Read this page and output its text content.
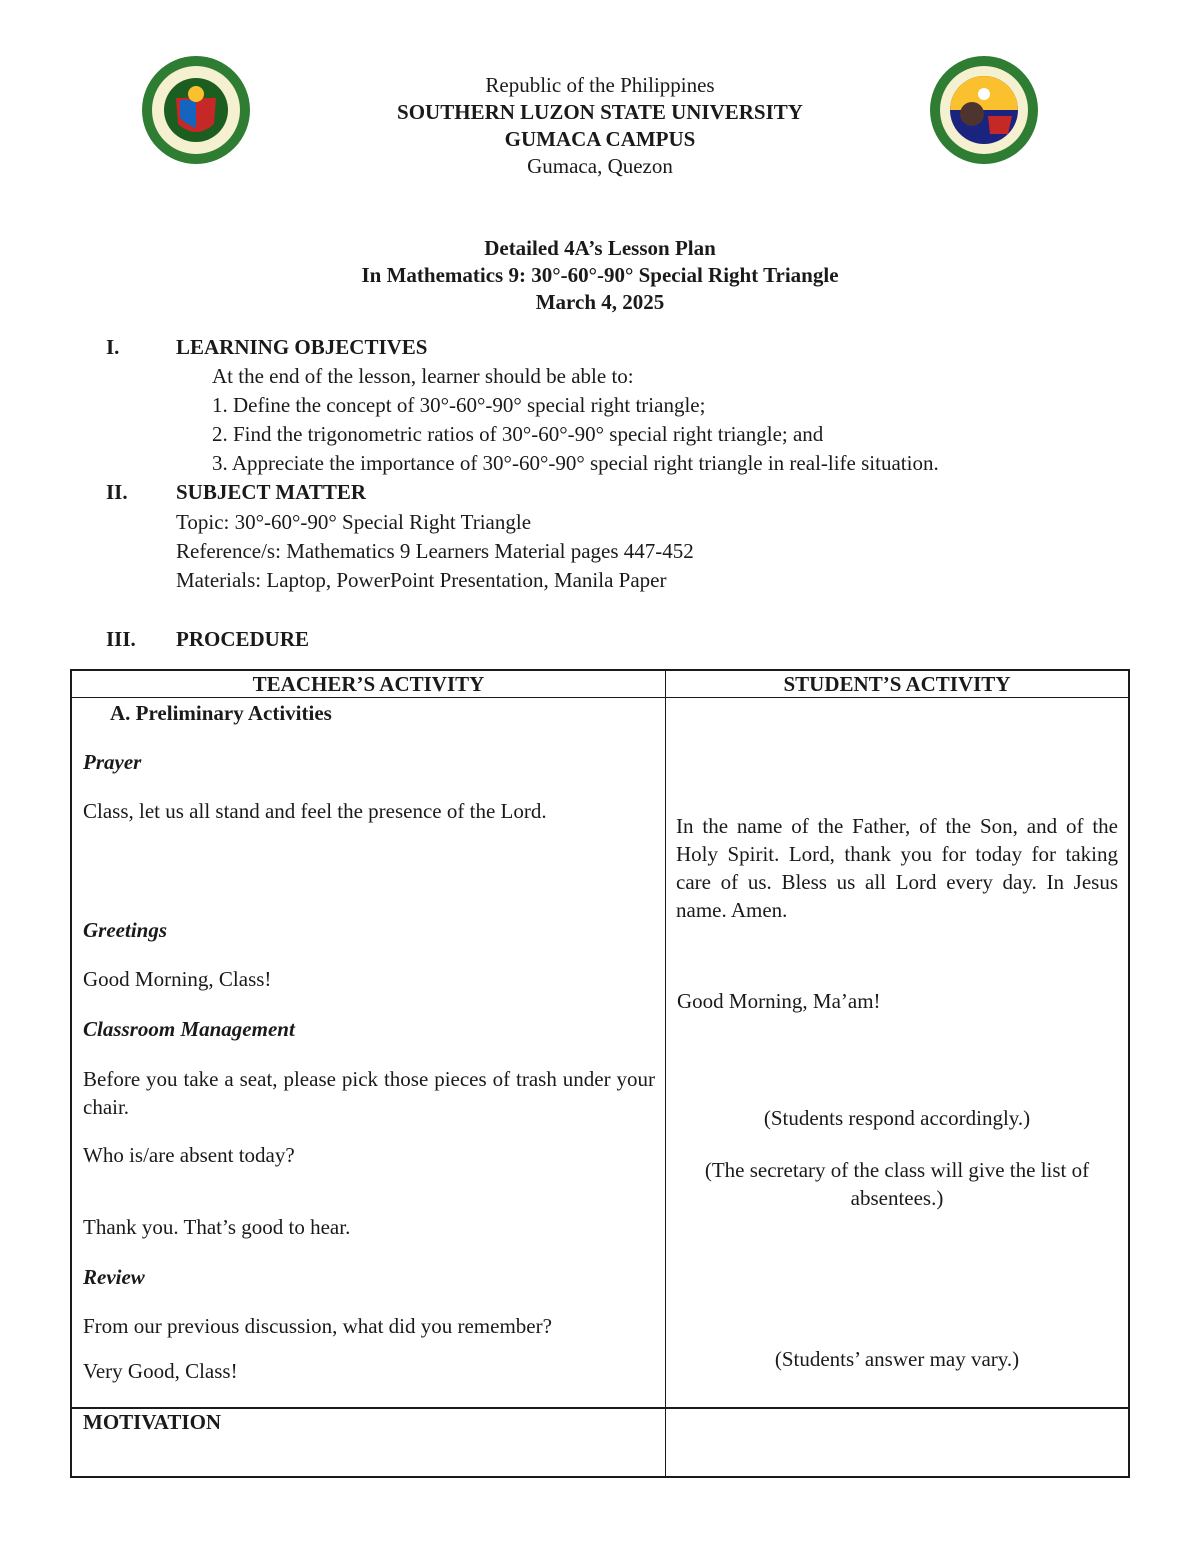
Republic of the Philippines
SOUTHERN LUZON STATE UNIVERSITY
GUMACA CAMPUS
Gumaca, Quezon
Detailed 4A’s Lesson Plan
In Mathematics 9: 30°-60°-90° Special Right Triangle
March 4, 2025
I.	LEARNING OBJECTIVES
At the end of the lesson, learner should be able to:
1. Define the concept of 30°-60°-90° special right triangle;
2. Find the trigonometric ratios of 30°-60°-90° special right triangle; and
3. Appreciate the importance of 30°-60°-90° special right triangle in real-life situation.
II. SUBJECT MATTER
Topic: 30°-60°-90° Special Right Triangle
Reference/s: Mathematics 9 Learners Material pages 447-452
Materials: Laptop, PowerPoint Presentation, Manila Paper
III. PROCEDURE
TEACHER’S ACTIVITY	STUDENT’S ACTIVITY
A. Preliminary Activities
Prayer
Class, let us all stand and feel the presence of the Lord.
Greetings
Good Morning, Class!
Classroom Management
Before you take a seat, please pick those pieces of trash under your chair.
Who is/are absent today?
Thank you. That’s good to hear.
Review
From our previous discussion, what did you remember?
Very Good, Class!
MOTIVATION
In the name of the Father, of the Son, and of the Holy Spirit. Lord, thank you for today for taking care of us. Bless us all Lord every day. In Jesus name. Amen.
Good Morning, Ma’am!
(Students respond accordingly.)
(The secretary of the class will give the list of absentees.)
(Students’ answer may vary.)
